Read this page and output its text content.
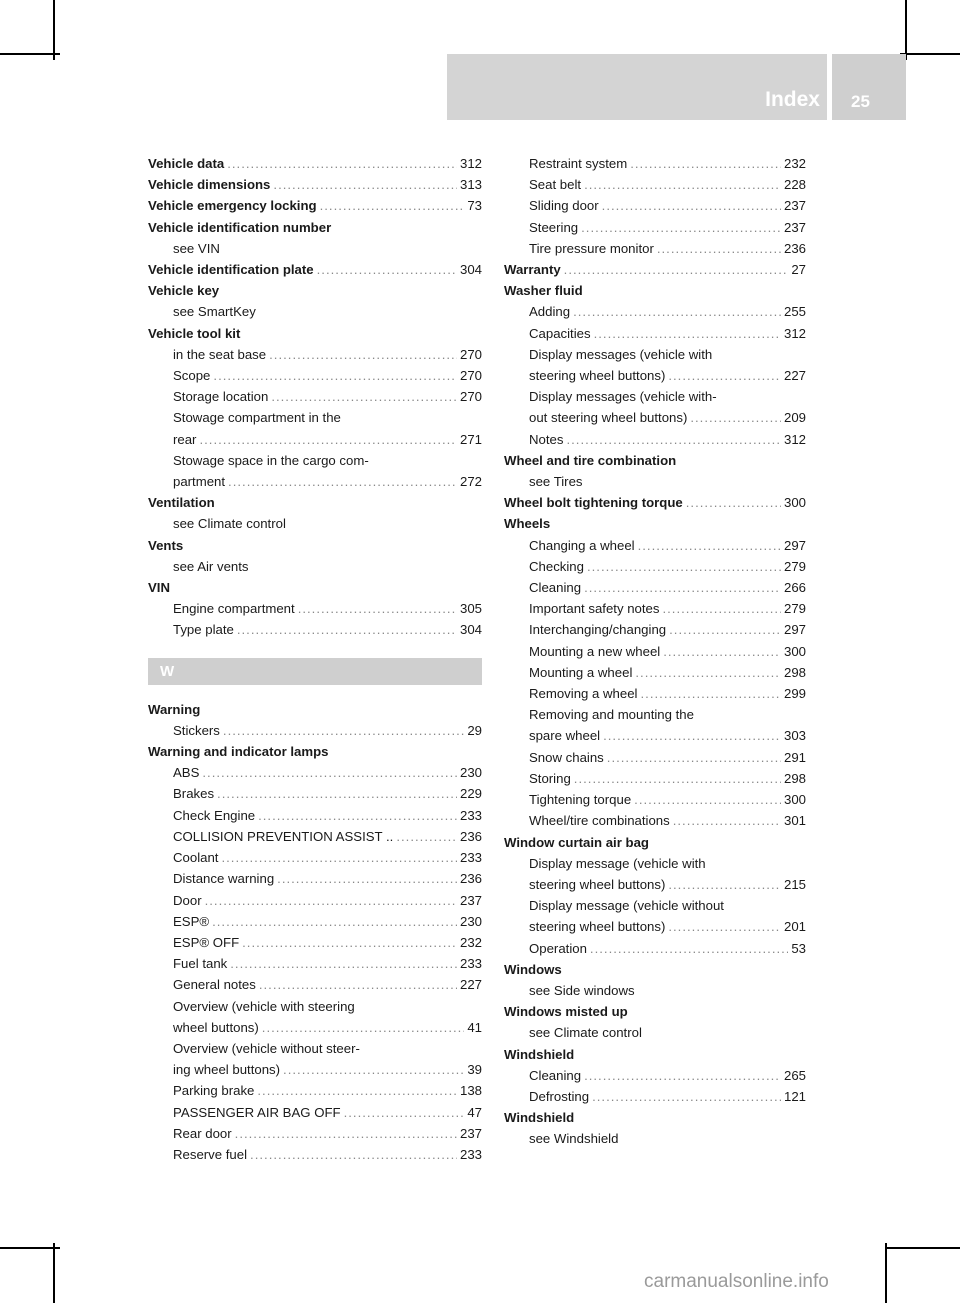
Index 25
Vehicle data .....	312
Vehicle dimensions .....	313
Vehicle emergency locking .....	73
Vehicle identification number
see VIN
Vehicle identification plate .....	304
Vehicle key
see SmartKey
Vehicle tool kit
in the seat base .....	270
Scope .....	270
Storage location .....	270
Stowage compartment in the
rear .....	271
Stowage space in the cargo com-
partment .....	272
Ventilation
see Climate control
Vents
see Air vents
VIN
Engine compartment .....	305
Type plate .....	304
W
Warning
Stickers .....	29
Warning and indicator lamps
ABS .....	230
Brakes .....	229
Check Engine .....	233
COLLISION PREVENTION ASSIST .. .....	236
Coolant .....	233
Distance warning .....	236
Door .....	237
ESP® .....	230
ESP® OFF .....	232
Fuel tank .....	233
General notes .....	227
Overview (vehicle with steering
wheel buttons) .....	41
Overview (vehicle without steer-
ing wheel buttons) .....	39
Parking brake .....	138
PASSENGER AIR BAG OFF .....	47
Rear door .....	237
Reserve fuel .....	233
Restraint system .....	232
Seat belt .....	228
Sliding door .....	237
Steering .....	237
Tire pressure monitor .....	236
Warranty .....	27
Washer fluid
Adding .....	255
Capacities .....	312
Display messages (vehicle with
steering wheel buttons) .....	227
Display messages (vehicle with-
out steering wheel buttons) .....	209
Notes .....	312
Wheel and tire combination
see Tires
Wheel bolt tightening torque .....	300
Wheels
Changing a wheel .....	297
Checking .....	279
Cleaning .....	266
Important safety notes .....	279
Interchanging/changing .....	297
Mounting a new wheel .....	300
Mounting a wheel .....	298
Removing a wheel .....	299
Removing and mounting the
spare wheel .....	303
Snow chains .....	291
Storing .....	298
Tightening torque .....	300
Wheel/tire combinations .....	301
Window curtain air bag
Display message (vehicle with
steering wheel buttons) .....	215
Display message (vehicle without
steering wheel buttons) .....	201
Operation .....	53
Windows
see Side windows
Windows misted up
see Climate control
Windshield
Cleaning .....	265
Defrosting .....	121
Windshield
see Windshield
carmanualsonline.info
